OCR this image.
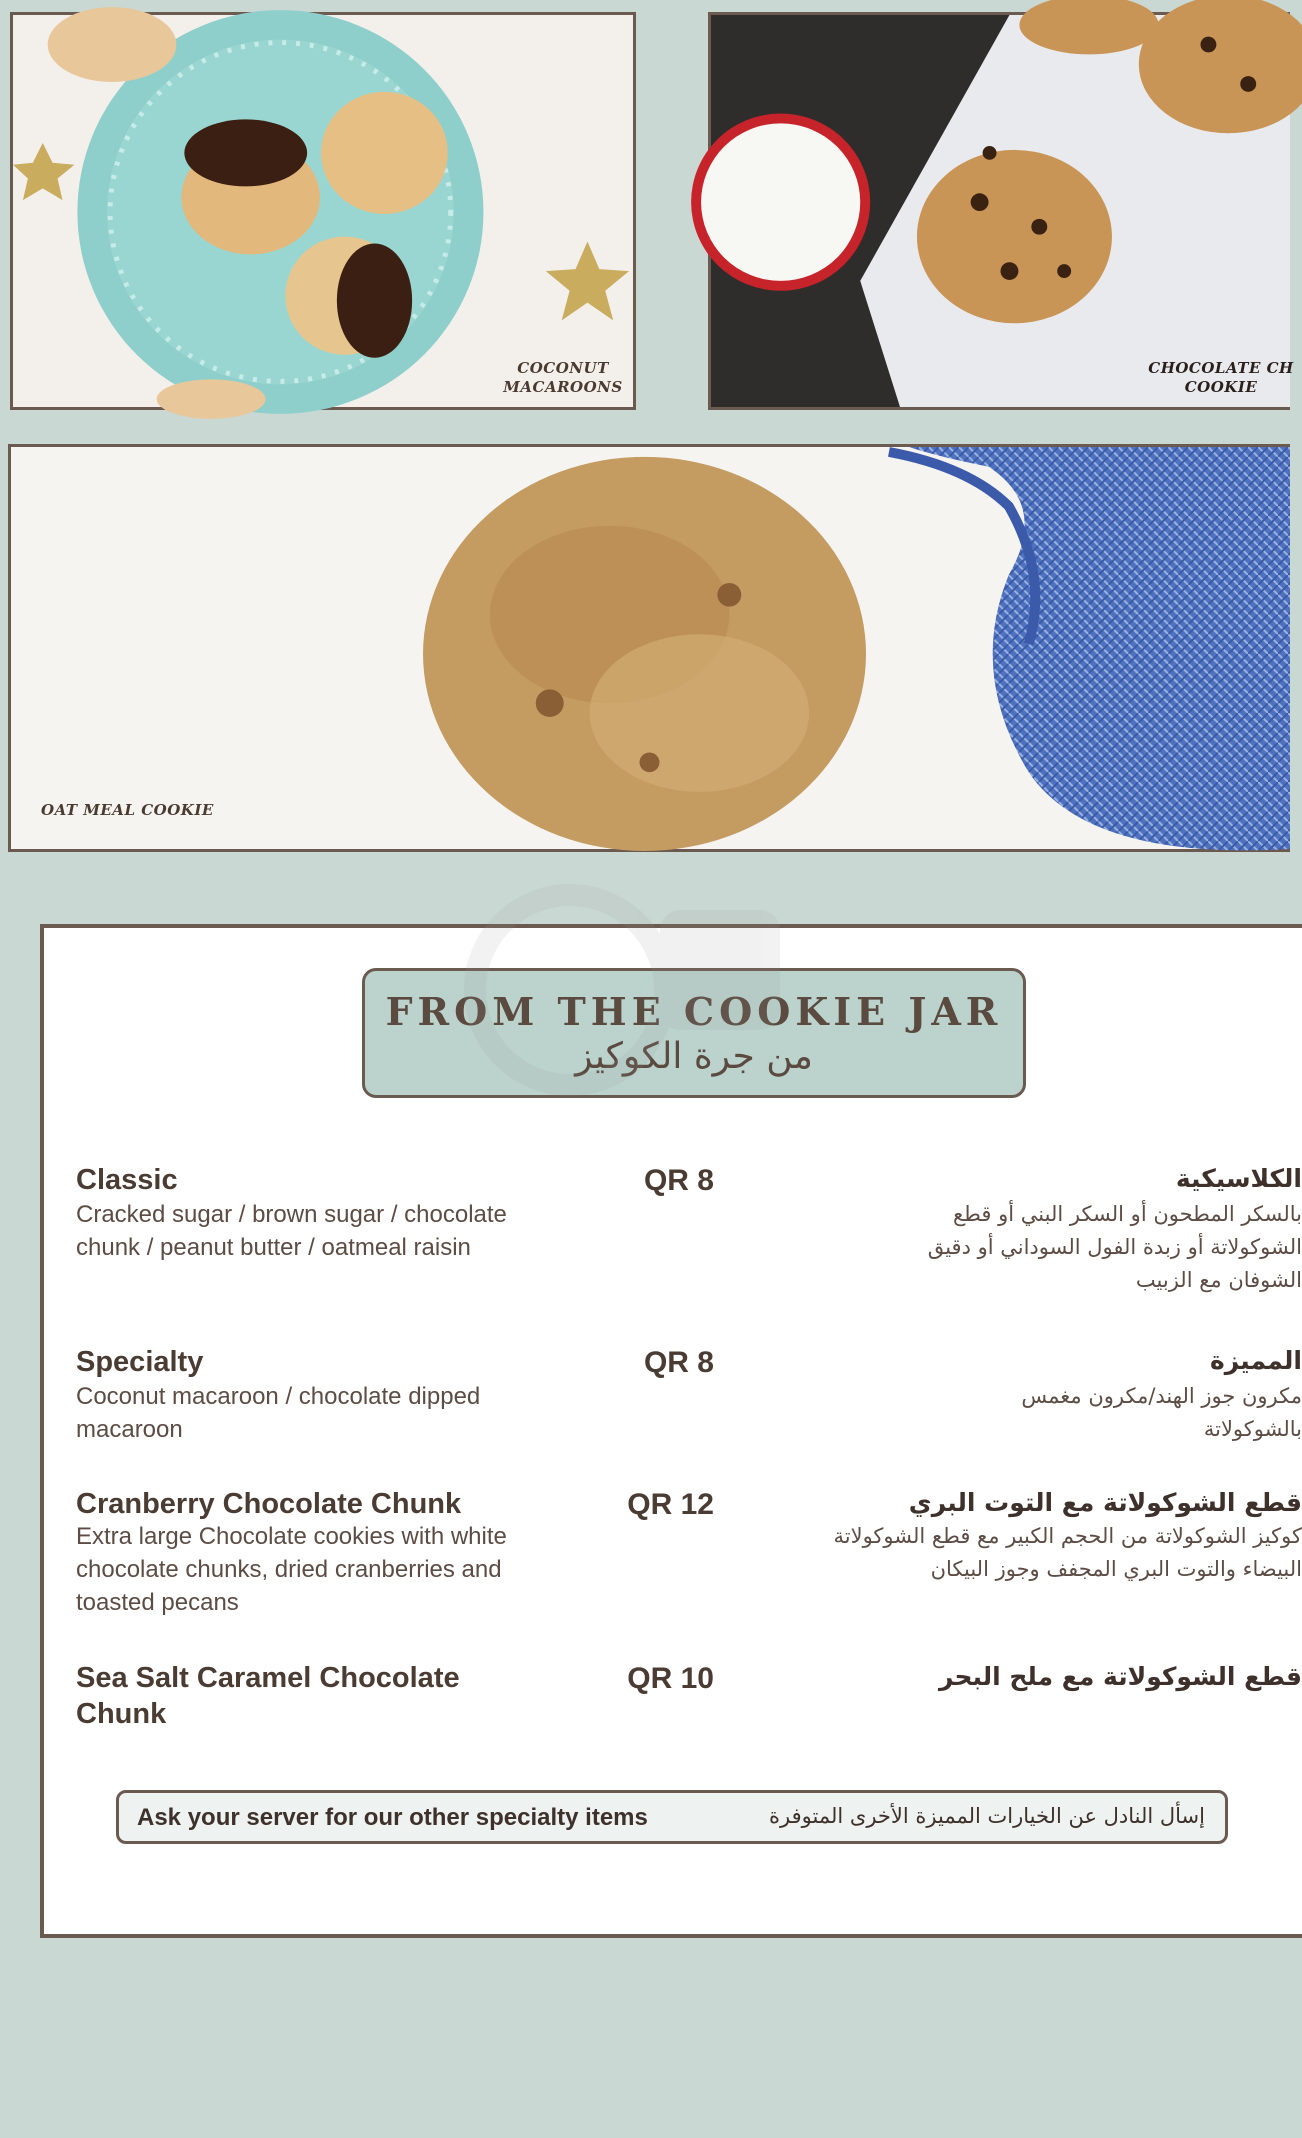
COCONUT
MACAROONS
CHOCOLATE CH
COOKIE
OAT MEAL COOKIE
FROM THE COOKIE JAR
من جرة الكوكيز
Classic
Cracked sugar / brown sugar / chocolate chunk / peanut butter / oatmeal raisin
QR 8	الكلاسيكية
بالسكر المطحون أو السكر البني أو قطع الشوكولاتة أو زبدة الفول السوداني أو دقيق الشوفان مع الزبيب
Specialty
Coconut macaroon / chocolate dipped macaroon
QR 8	المميزة
مكرون جوز الهند/مكرون مغمس بالشوكولاتة
Cranberry Chocolate Chunk
Extra large Chocolate cookies with white chocolate chunks, dried cranberries and toasted pecans
QR 12	قطع الشوكولاتة مع التوت البري
كوكيز الشوكولاتة من الحجم الكبير مع قطع الشوكولاتة البيضاء والتوت البري المجفف وجوز البيكان
Sea Salt Caramel Chocolate Chunk
QR 10	قطع الشوكولاتة مع ملح البحر
Ask your server for our other specialty items	إسأل النادل عن الخيارات المميزة الأخرى المتوفرة
